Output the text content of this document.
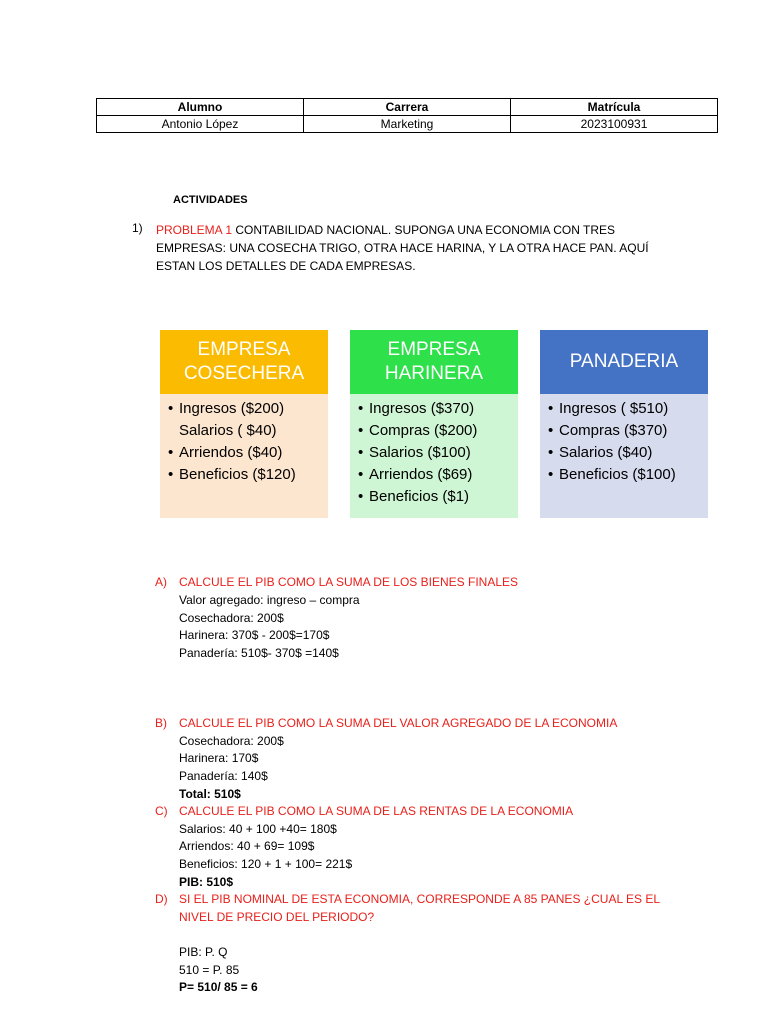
Alumno	Carrera	Matrícula
Antonio López	Marketing	2023100931
ACTIVIDADES
1) PROBLEMA 1 CONTABILIDAD NACIONAL. SUPONGA UNA ECONOMIA CON TRES
EMPRESAS: UNA COSECHA TRIGO, OTRA HACE HARINA, Y LA OTRA HACE PAN. AQUÍ
ESTAN LOS DETALLES DE CADA EMPRESAS.
EMPRESA
COSECHERA
• Ingresos ($200)
Salarios ( $40)
• Arriendos ($40)
• Beneficios ($120)
EMPRESA
HARINERA
• Ingresos ($370)
• Compras ($200)
• Salarios ($100)
• Arriendos ($69)
• Beneficios ($1)
PANADERIA
• Ingresos ( $510)
• Compras ($370)
• Salarios ($40)
• Beneficios ($100)
A) CALCULE EL PIB COMO LA SUMA DE LOS BIENES FINALES
Valor agregado: ingreso – compra
Cosechadora: 200$
Harinera: 370$ - 200$=170$
Panadería: 510$- 370$ =140$
B) CALCULE EL PIB COMO LA SUMA DEL VALOR AGREGADO DE LA ECONOMIA
Cosechadora: 200$
Harinera: 170$
Panadería: 140$
Total: 510$
C) CALCULE EL PIB COMO LA SUMA DE LAS RENTAS DE LA ECONOMIA
Salarios: 40 + 100 +40= 180$
Arriendos: 40 + 69= 109$
Beneficios: 120 + 1 + 100= 221$
PIB: 510$
D) SI EL PIB NOMINAL DE ESTA ECONOMIA, CORRESPONDE A 85 PANES ¿CUAL ES EL
NIVEL DE PRECIO DEL PERIODO?
PIB: P. Q
510 = P. 85
P= 510/ 85 = 6
